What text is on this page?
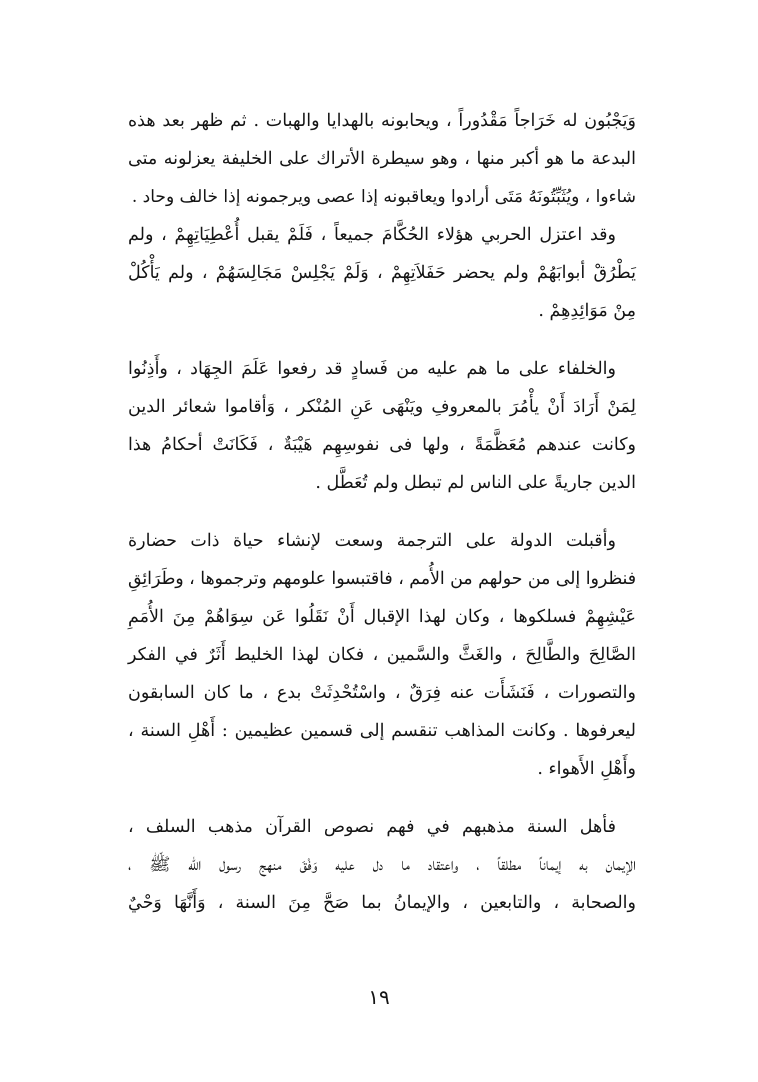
وَيَجْبُون له خَرَاجاً مَقْدُوراً ، ويحابونه بالهدايا والهبات . ثم ظهر بعد هذه
البدعة ما هو أكبر منها ، وهو سيطرة الأتراك على الخليفة يعزلونه متى
شاءوا ، ويُثَبِّتُونَهُ مَتَى أرادوا ويعاقبونه إذا عصى ويرجمونه إذا خالف وحاد .
وقد اعتزل الحربي هؤلاء الحُكَّامَ جميعاً ، فَلَمْ يقبل أُعْطِيَاتِهِمْ ، ولم
يَطْرُقْ أبوابَهُمْ ولم يحضر حَفَلاَتِهِمْ ، وَلَمْ يَجْلِسْ مَجَالِسَهُمْ ، ولم يَأْكُلْ
مِنْ مَوَائِدِهِمْ .
والخلفاء على ما هم عليه من فَسادٍ قد رفعوا عَلَمَ الجِهَاد ، وأَذِنُوا
لِمَنْ أَرَادَ أَنْ يأْمُرَ بالمعروفِ ويَنْهَى عَنِ المُنْكر ، وَأقاموا شعائر الدين
وكانت عندهم مُعَظَّمَةً ، ولها فى نفوسِهِم هَيْبَةٌ ، فَكَانَتْ أحكامُ هذا
الدين جاريةً على الناس لم تبطل ولم تُعَطَّل .
وأقبلت الدولة على الترجمة وسعت لإنشاء حياة ذات حضارة
فنظروا إلى من حولهم من الأُمم ، فاقتبسوا علومهم وترجموها ، وطَرَائِقِ
عَيْشِهِمْ فسلكوها ، وكان لهذا الإقبال أَنْ نَقَلُوا عَن سِوَاهُمْ مِنَ الأُمَمِ
الصَّالِحَ والطَّالِحَ ، والغَثَّ والسَّمين ، فكان لهذا الخليط أَثَرٌ في الفكر
والتصورات ، فَنَشَأَت عنه فِرَقٌ ، واسْتُحْدِثَتْ بدع ، ما كان السابقون
ليعرفوها . وكانت المذاهب تنقسم إلى قسمين عظيمين : أَهْلِ السنة ،
وأَهْلِ الأَهواء .
فأهل السنة مذهبهم في فهم نصوص القرآن مذهب السلف ،
الإيمان به إيماناً مطلقاً ، واعتقاد ما دل عليه وَفْقَ منهج رسول الله ﷺ ،
والصحابة ، والتابعين ، والإيمانُ بما صَحَّ مِنَ السنة ، وَأَنَّهَا وَحْيٌ
١٩
